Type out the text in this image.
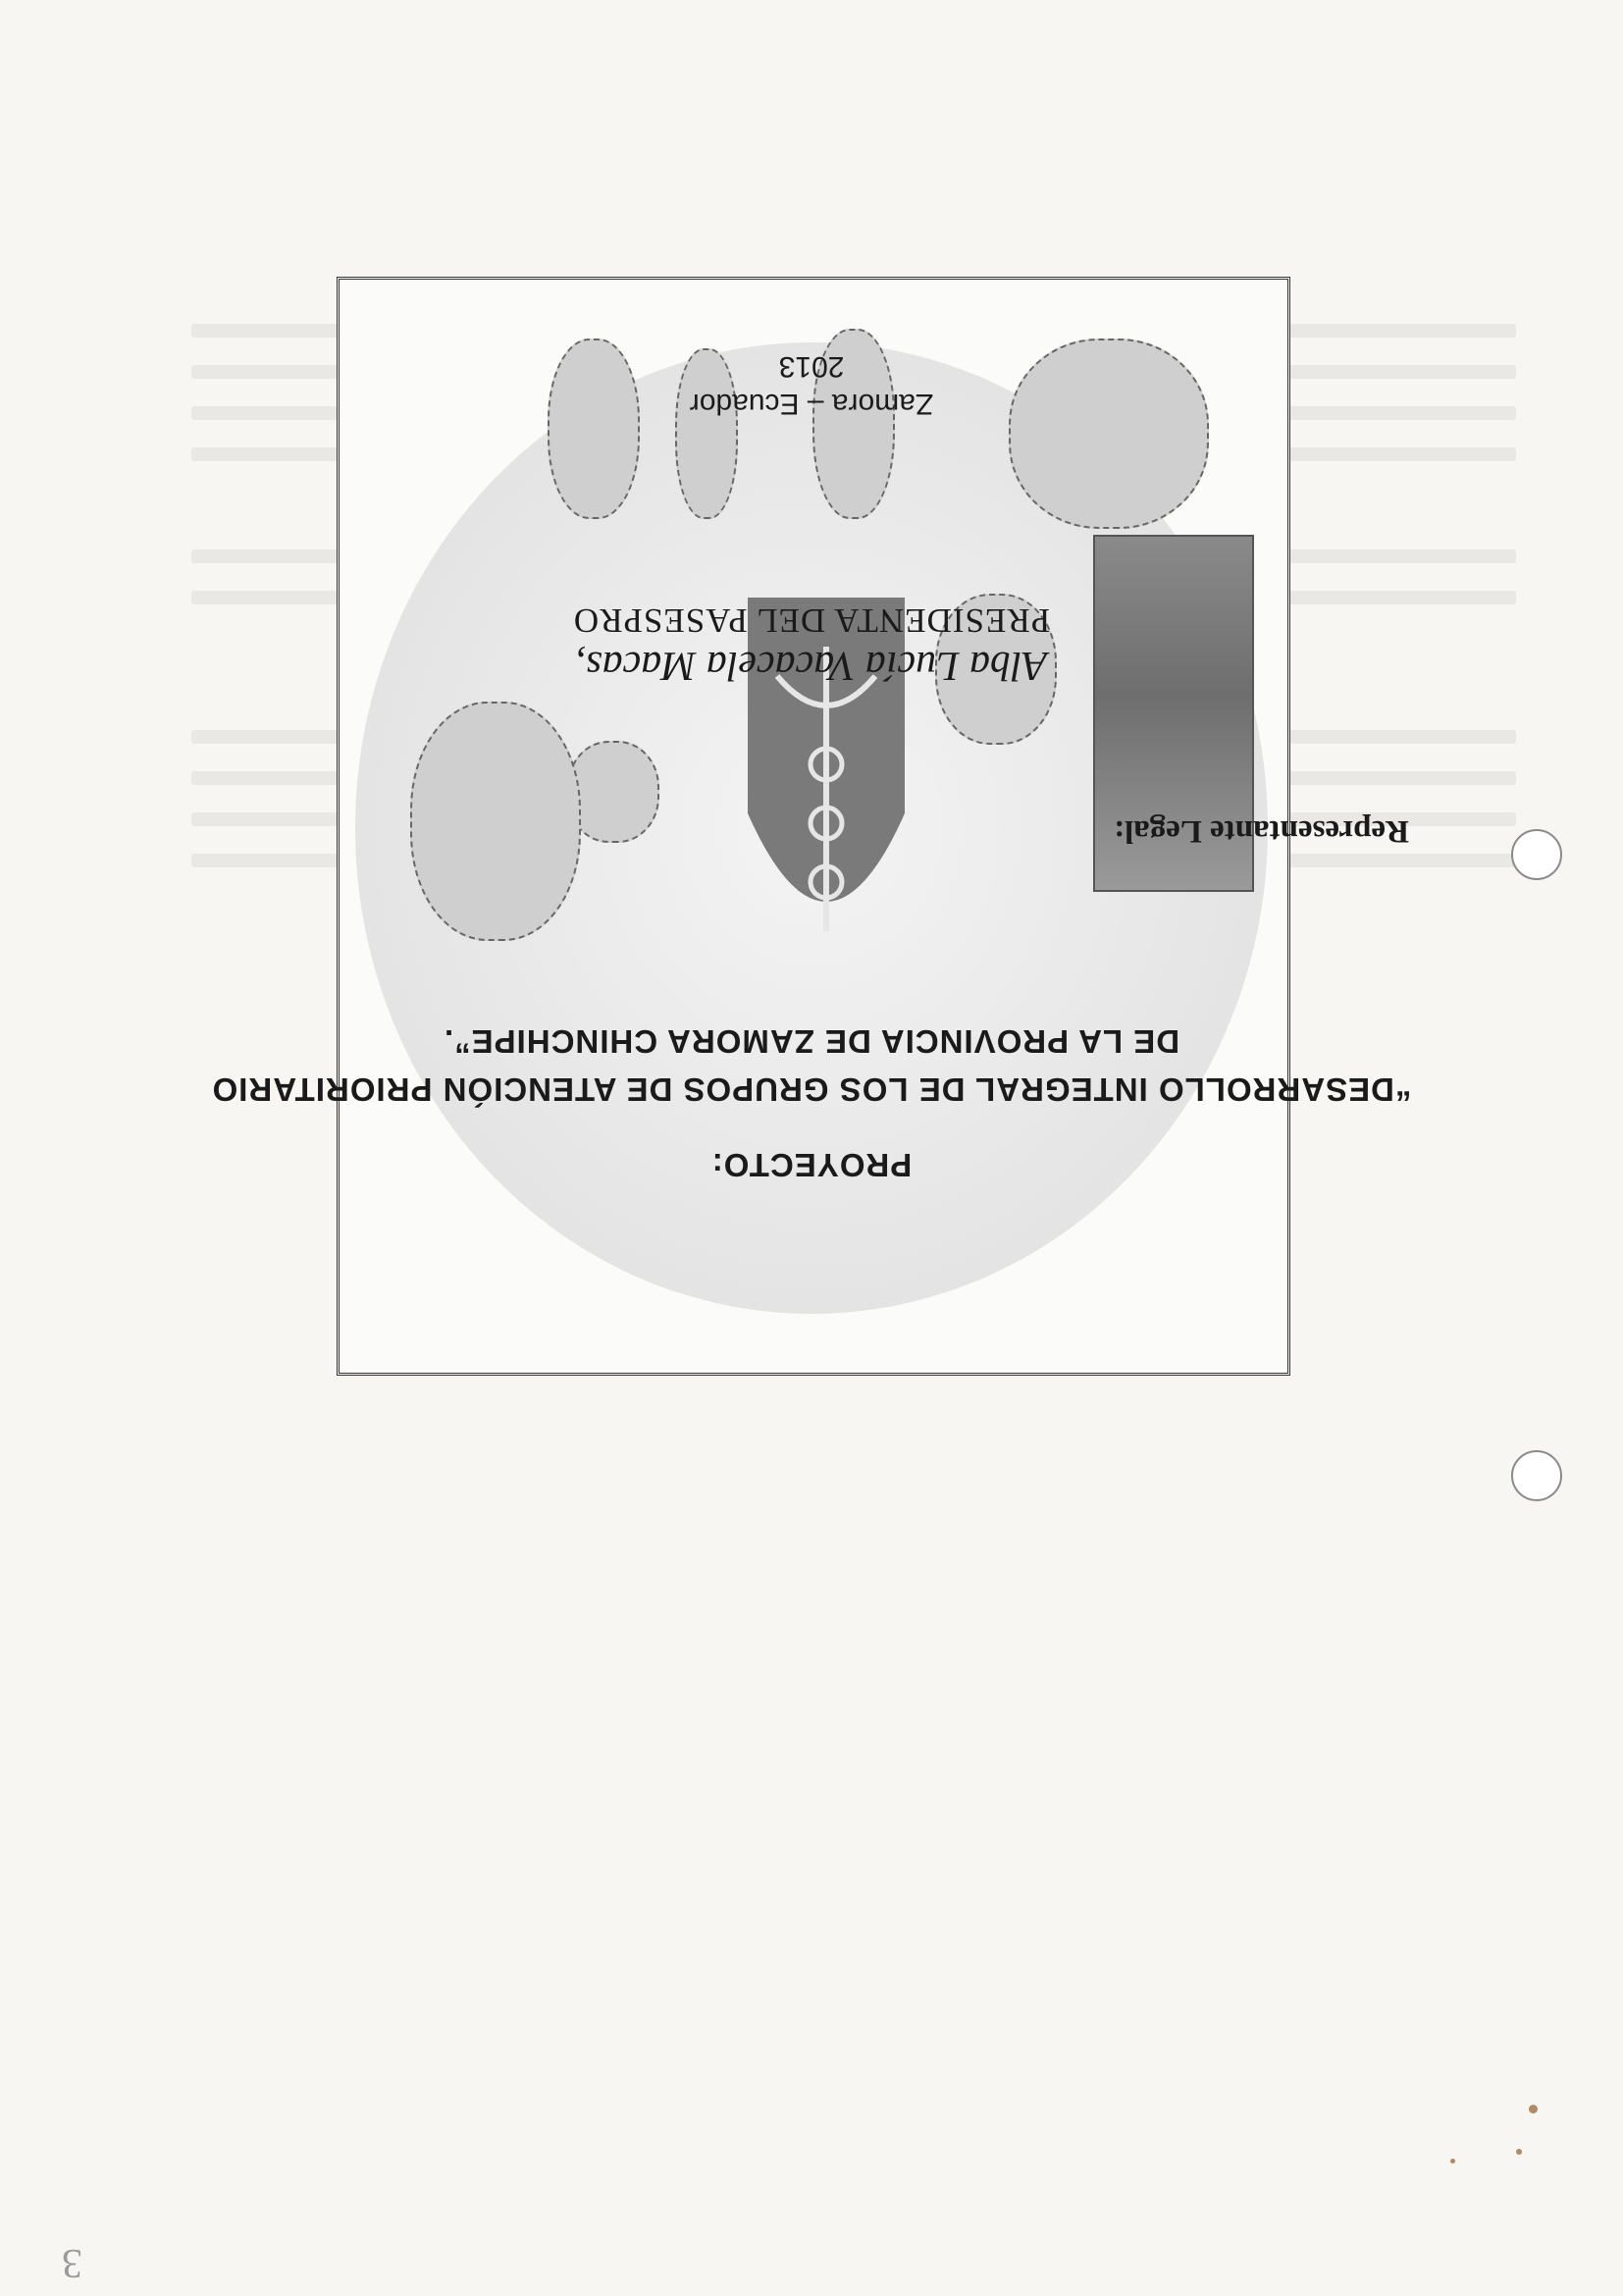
3
PROYECTO:
“DESARROLLO INTEGRAL DE LOS GRUPOS DE ATENCIÓN PRIORITARIO DE LA PROVINCIA DE ZAMORA CHINCHIPE”.
Representante Legal:
Alba Lucía Vacacela Macas,
PRESIDENTA DEL PASESPRO
Zamora – Ecuador
2013
